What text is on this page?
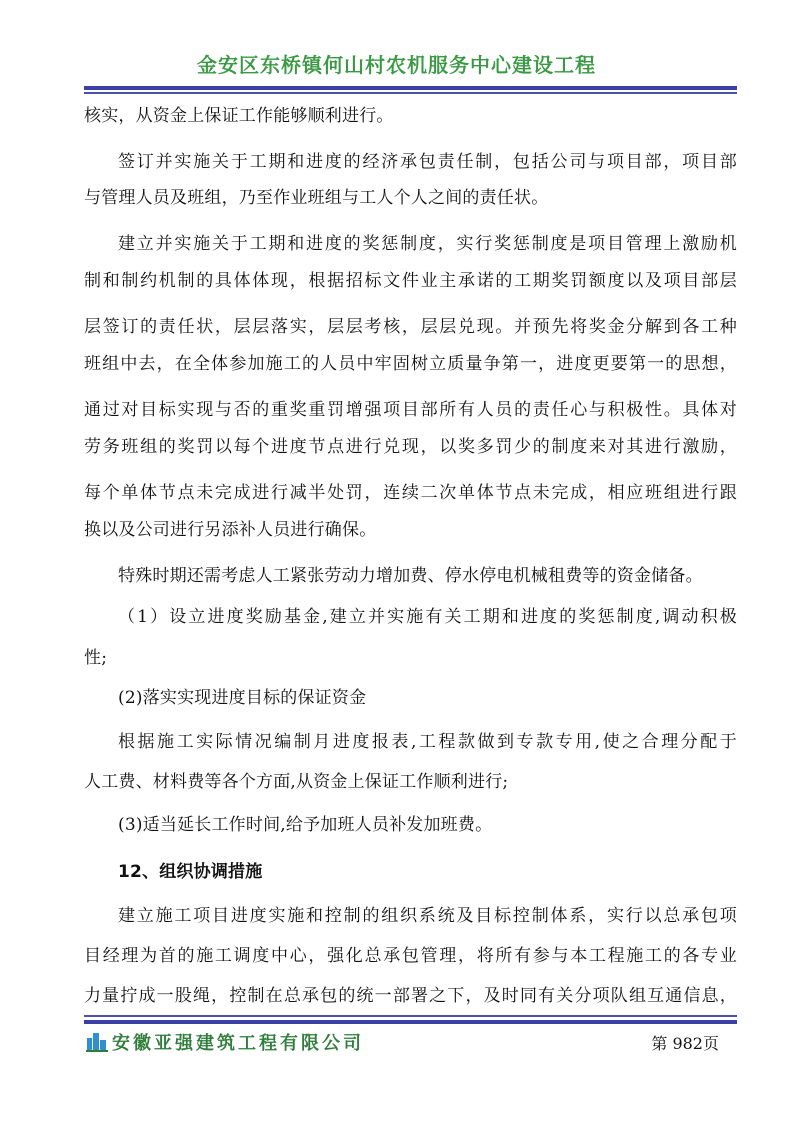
金安区东桥镇何山村农机服务中心建设工程
核实，从资金上保证工作能够顺利进行。
签订并实施关于工期和进度的经济承包责任制，包括公司与项目部，项目部
与管理人员及班组，乃至作业班组与工人个人之间的责任状。
建立并实施关于工期和进度的奖惩制度，实行奖惩制度是项目管理上激励机
制和制约机制的具体体现，根据招标文件业主承诺的工期奖罚额度以及项目部层
层签订的责任状，层层落实，层层考核，层层兑现。并预先将奖金分解到各工种
班组中去，在全体参加施工的人员中牢固树立质量争第一，进度更要第一的思想，
通过对目标实现与否的重奖重罚增强项目部所有人员的责任心与积极性。具体对
劳务班组的奖罚以每个进度节点进行兑现，以奖多罚少的制度来对其进行激励，
每个单体节点未完成进行减半处罚，连续二次单体节点未完成，相应班组进行跟
换以及公司进行另添补人员进行确保。
特殊时期还需考虑人工紧张劳动力增加费、停水停电机械租费等的资金储备。
（1）设立进度奖励基金,建立并实施有关工期和进度的奖惩制度,调动积极
性;
(2)落实实现进度目标的保证资金
根据施工实际情况编制月进度报表,工程款做到专款专用,使之合理分配于
人工费、材料费等各个方面,从资金上保证工作顺利进行;
(3)适当延长工作时间,给予加班人员补发加班费。
12、组织协调措施
建立施工项目进度实施和控制的组织系统及目标控制体系，实行以总承包项
目经理为首的施工调度中心，强化总承包管理，将所有参与本工程施工的各专业
力量拧成一股绳，控制在总承包的统一部署之下，及时同有关分项队组互通信息，
安徽亚强建筑工程有限公司	第 982页
